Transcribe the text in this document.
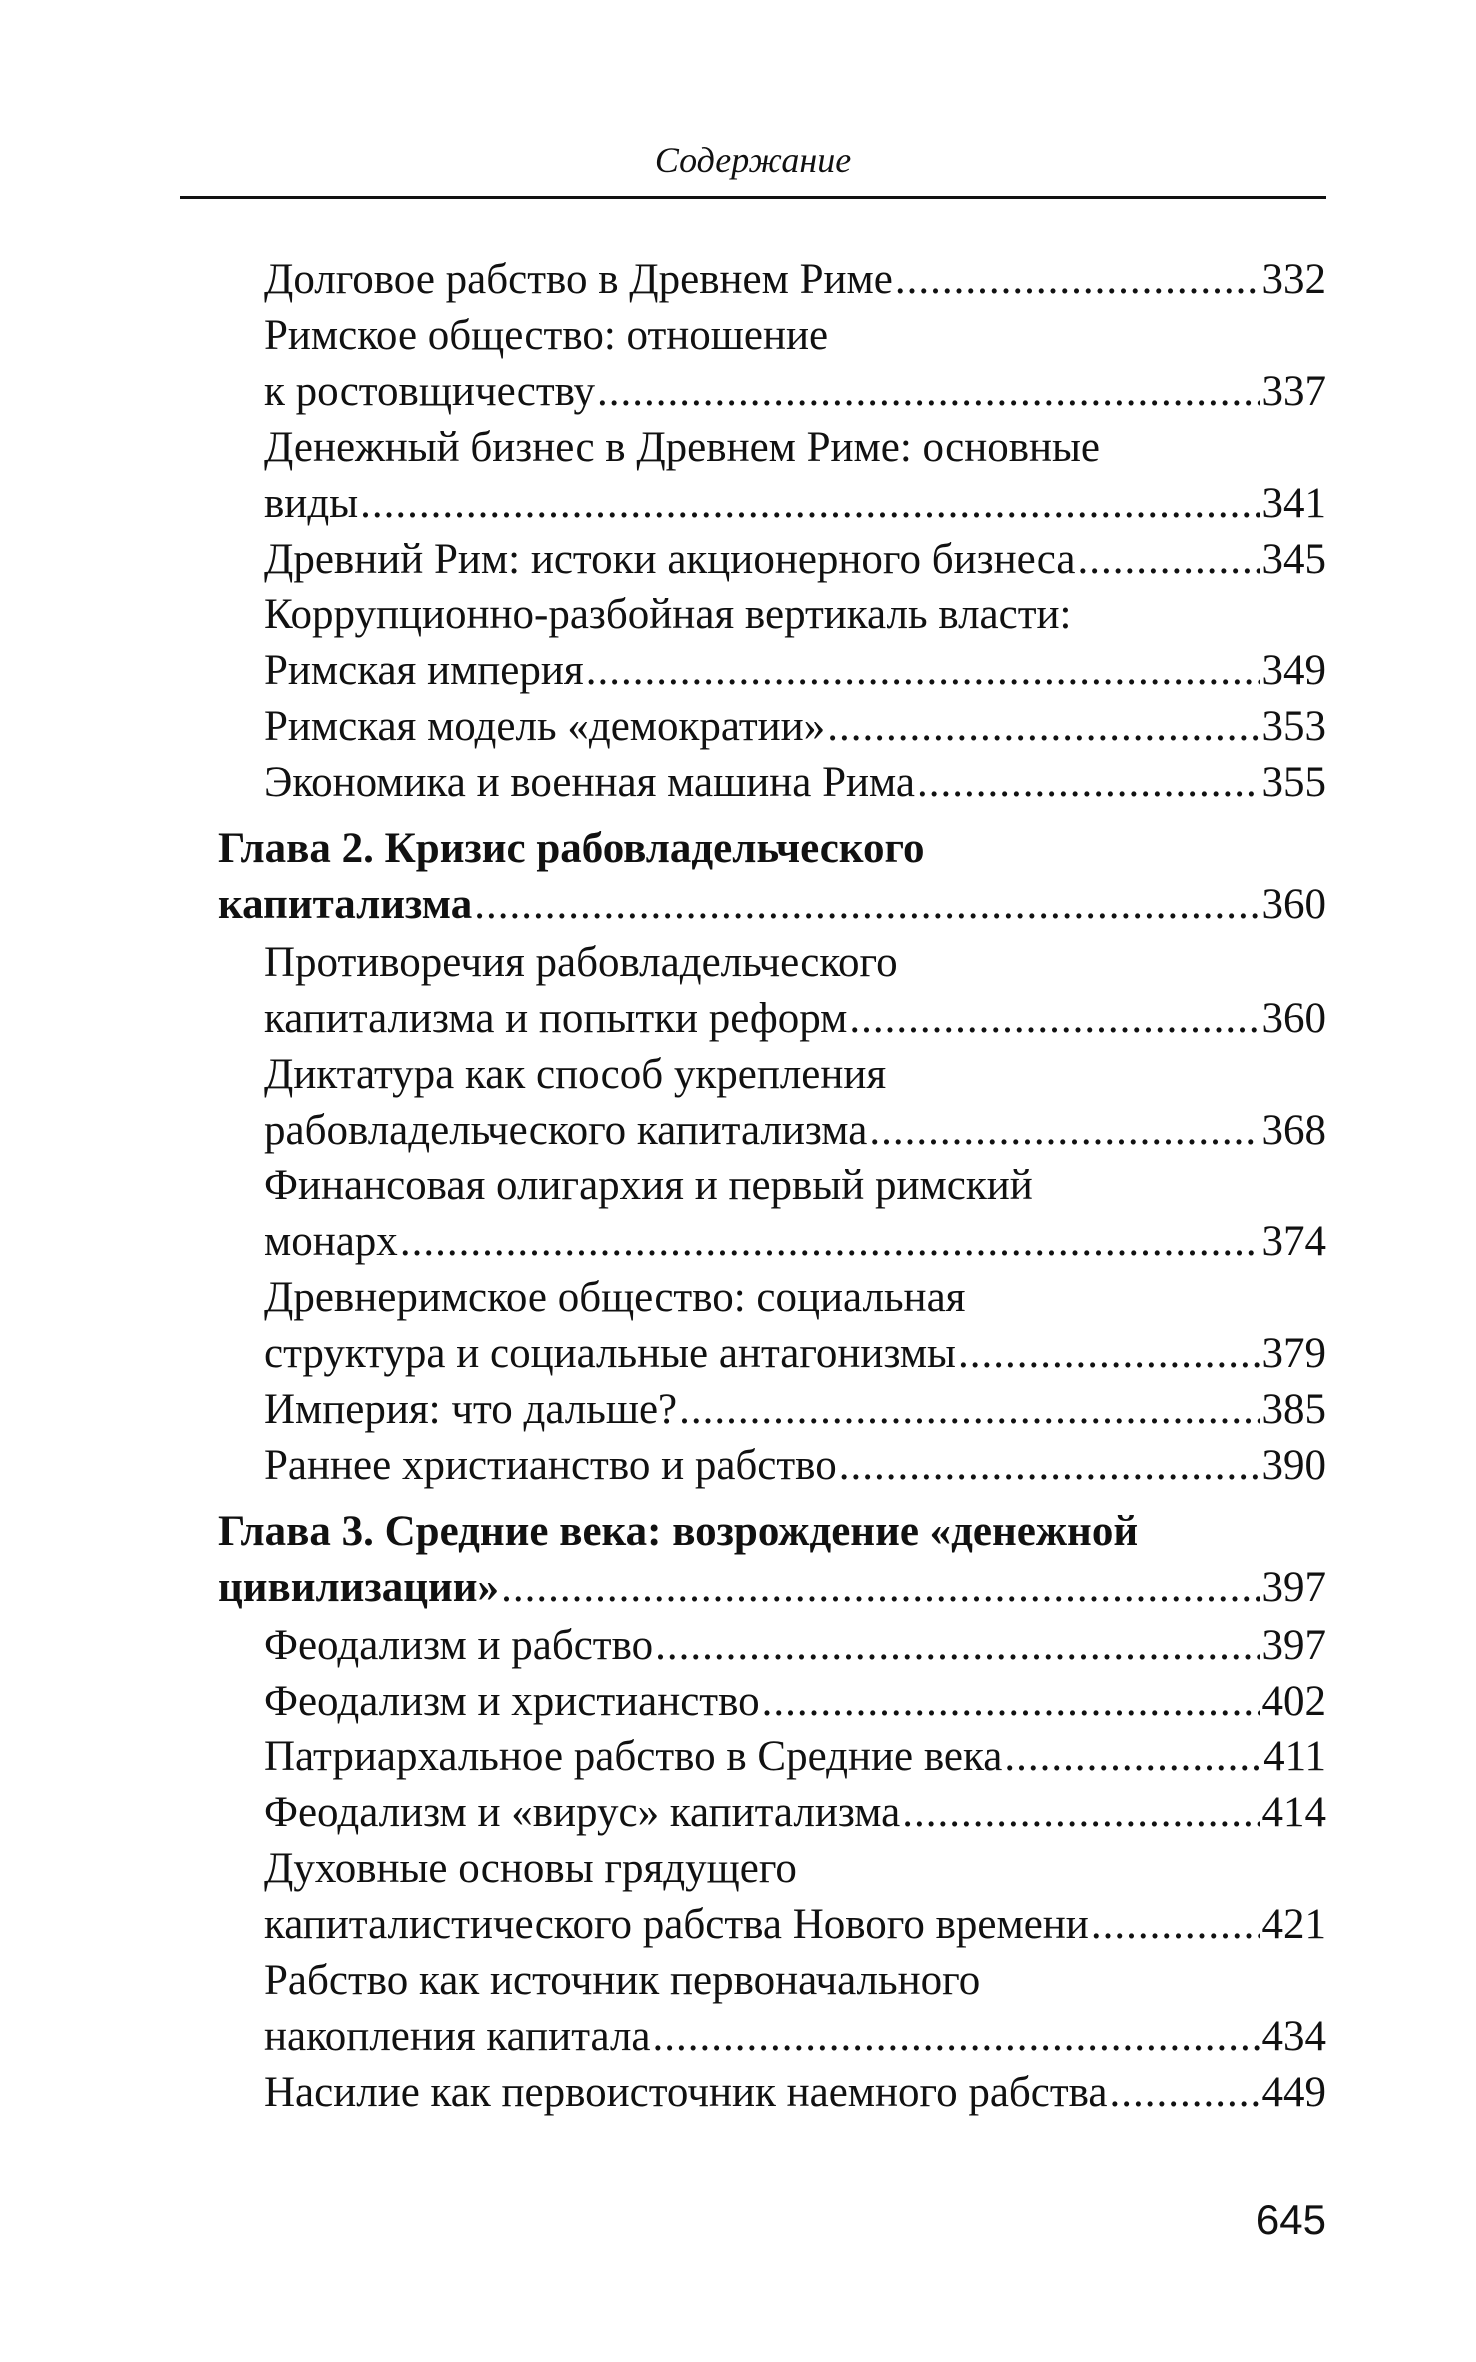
Содержание
Долговое рабство в Древнем Риме .....	332
Римское общество: отношение
к ростовщичеству .....	337
Денежный бизнес в Древнем Риме: основные
виды .....	341
Древний Рим: истоки акционерного бизнеса .....	345
Коррупционно-разбойная вертикаль власти:
Римская империя .....	349
Римская модель «демократии» .....	353
Экономика и военная машина Рима .....	355
Глава 2. Кризис рабовладельческого
капитализма .....	360
Противоречия рабовладельческого
капитализма и попытки реформ .....	360
Диктатура как способ укрепления
рабовладельческого капитализма .....	368
Финансовая олигархия и первый римский
монарх .....	374
Древнеримское общество: социальная
структура и социальные антагонизмы .....	379
Империя: что дальше? .....	385
Раннее христианство и рабство .....	390
Глава 3. Средние века: возрождение «денежной
цивилизации» .....	397
Феодализм и рабство .....	397
Феодализм и христианство .....	402
Патриархальное рабство в Средние века .....	411
Феодализм и «вирус» капитализма .....	414
Духовные основы грядущего
капиталистического рабства Нового времени .....	421
Рабство как источник первоначального
накопления капитала .....	434
Насилие как первоисточник наемного рабства .....	449
645
